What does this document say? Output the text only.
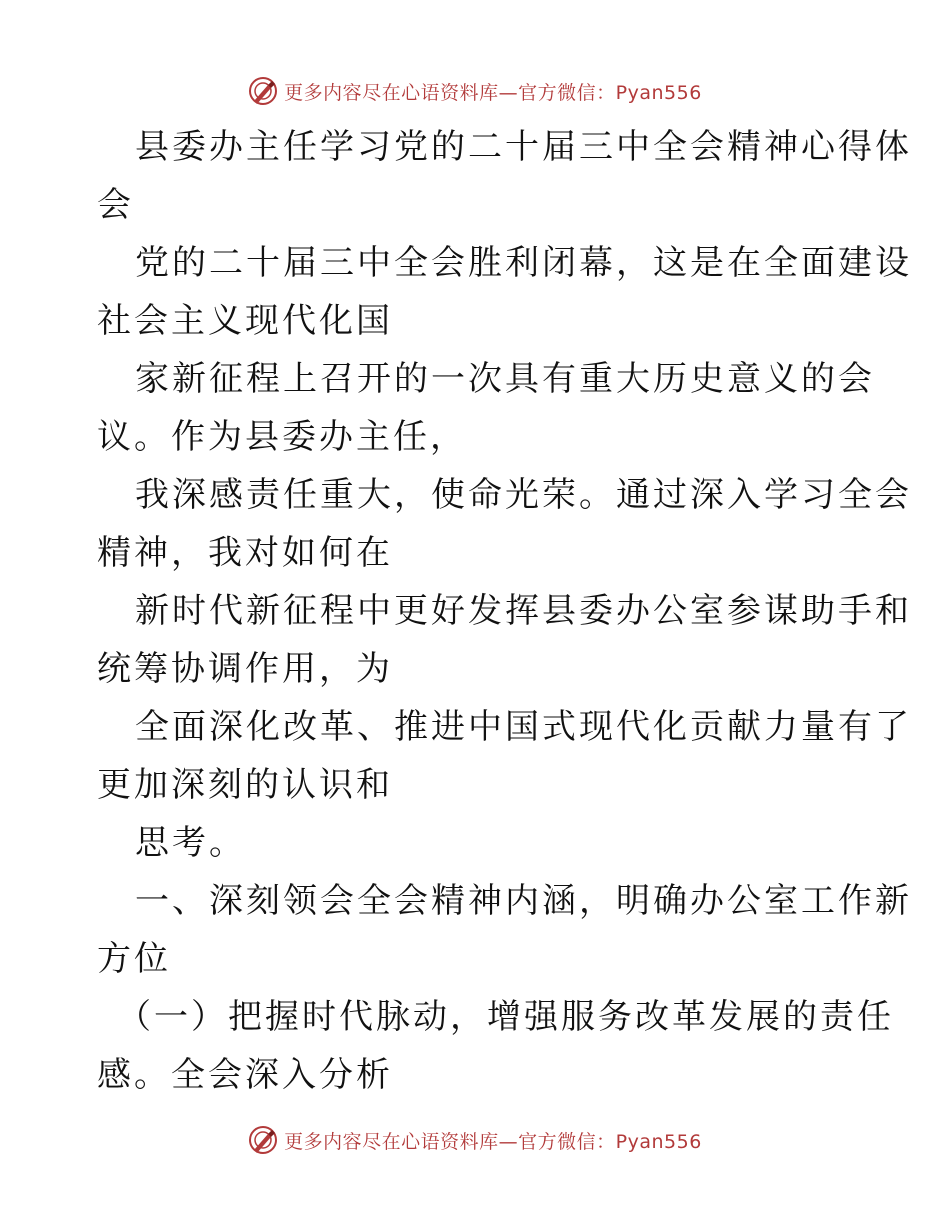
更多内容尽在心语资料库—官方微信：Pyan556
县委办主任学习党的二十届三中全会精神心得体
会
党的二十届三中全会胜利闭幕，这是在全面建设
社会主义现代化国
家新征程上召开的一次具有重大历史意义的会
议。作为县委办主任，
我深感责任重大，使命光荣。通过深入学习全会
精神，我对如何在
新时代新征程中更好发挥县委办公室参谋助手和
统筹协调作用，为
全面深化改革、推进中国式现代化贡献力量有了
更加深刻的认识和
思考。
一、深刻领会全会精神内涵，明确办公室工作新
方位
（一）把握时代脉动，增强服务改革发展的责任
感。全会深入分析
更多内容尽在心语资料库—官方微信：Pyan556
